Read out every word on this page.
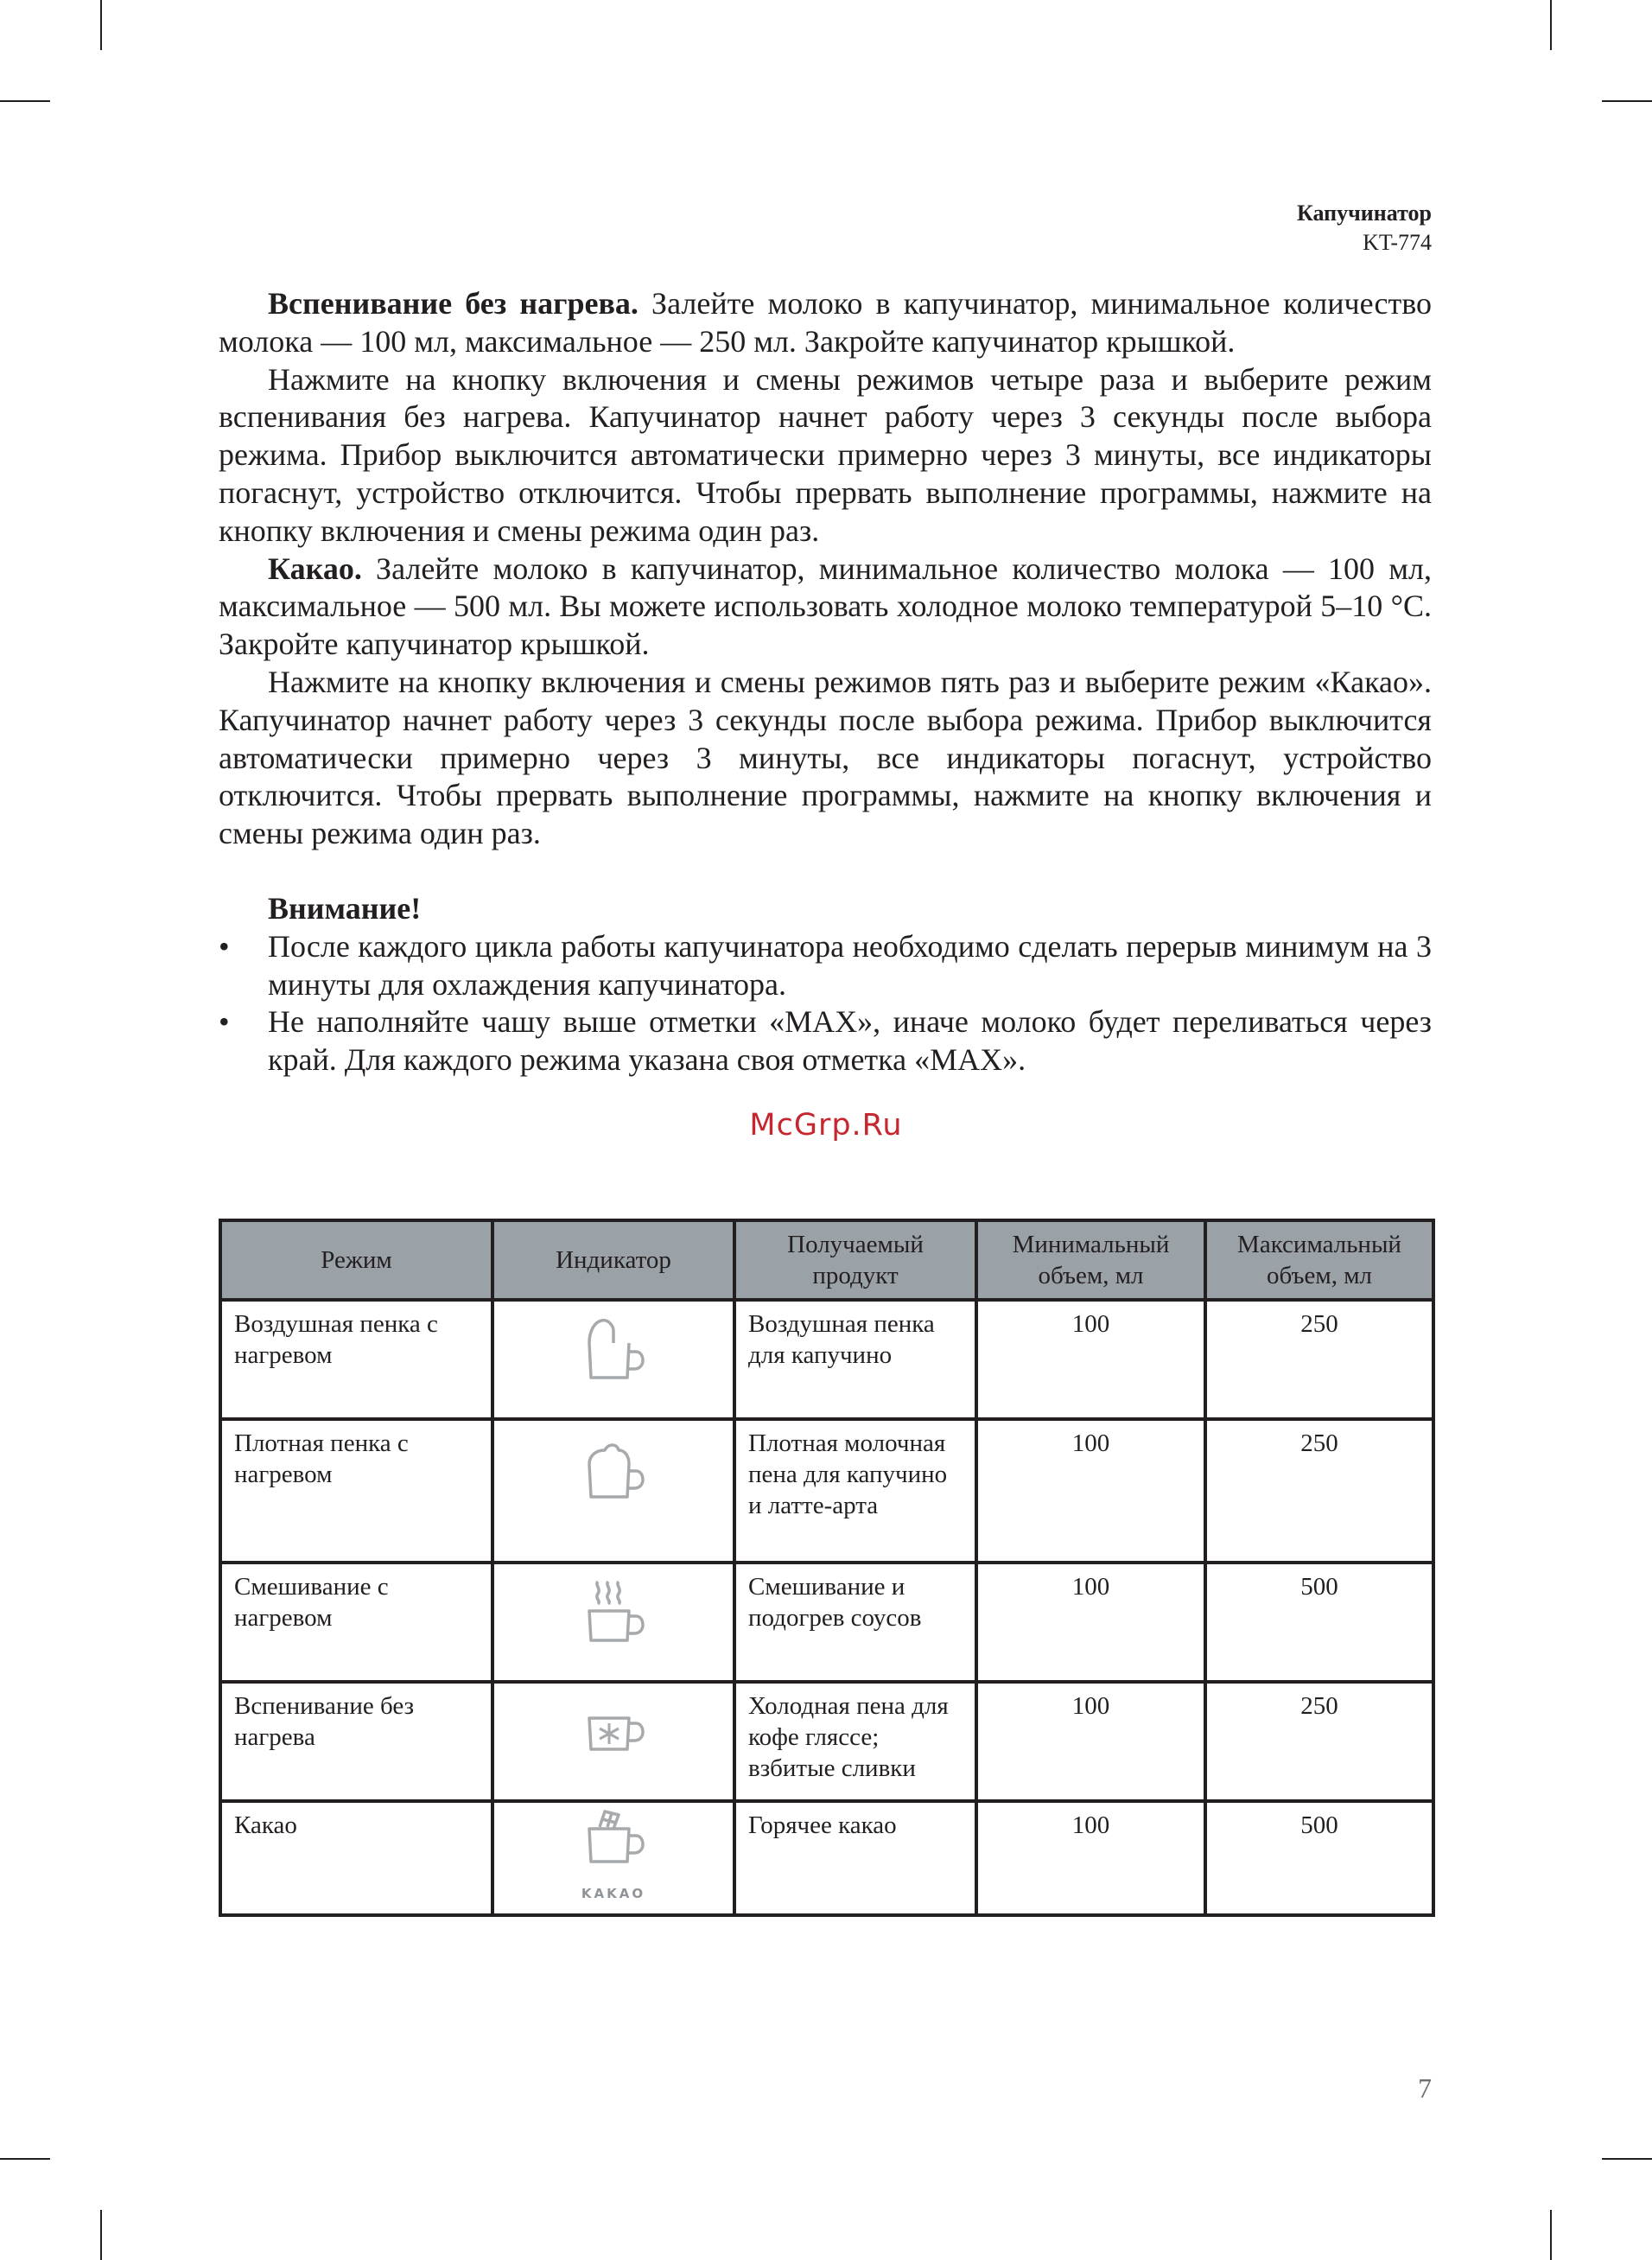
Капучинатор
KT-774

Вспенивание без нагрева. Залейте молоко в капучинатор, минимальное количество молока — 100 мл, максимальное — 250 мл. Закройте капучинатор крышкой.

Нажмите на кнопку включения и смены режимов четыре раза и выберите режим вспенивания без нагрева. Капучинатор начнет работу через 3 секунды после выбора режима. Прибор выключится автоматически примерно через 3 минуты, все индикаторы погаснут, устройство отключится. Чтобы прервать выполнение программы, нажмите на кнопку включения и смены режима один раз.

Какао. Залейте молоко в капучинатор, минимальное количество молока — 100 мл, максимальное — 500 мл. Вы можете использовать холодное молоко температурой 5–10 °С. Закройте капучинатор крышкой.

Нажмите на кнопку включения и смены режимов пять раз и выберите режим «Какао». Капучинатор начнет работу через 3 секунды после выбора режима. Прибор выключится автоматически примерно через 3 минуты, все индикаторы погаснут, устройство отключится. Чтобы прервать выполнение программы, нажмите на кнопку включения и смены режима один раз.

Внимание!
• После каждого цикла работы капучинатора необходимо сделать перерыв минимум на 3 минуты для охлаждения капучинатора.
• Не наполняйте чашу выше отметки «MAX», иначе молоко будет переливаться через край. Для каждого режима указана своя отметка «MAX».
McGrp.Ru
Режим	Индикатор	Получаемый продукт	Минимальный объем, мл	Максимальный объем, мл
Воздушная пенка с нагревом		Воздушная пенка для капучино	100	250
Плотная пенка с нагревом		Плотная молочная пена для капучино и латте-арта	100	250
Смешивание с нагревом		Смешивание и подогрев соусов	100	500
Вспенивание без нагрева		Холодная пена для кофе гляссе; взбитые сливки	100	250
Какао	KAKAO	Горячее какао	100	500
7
